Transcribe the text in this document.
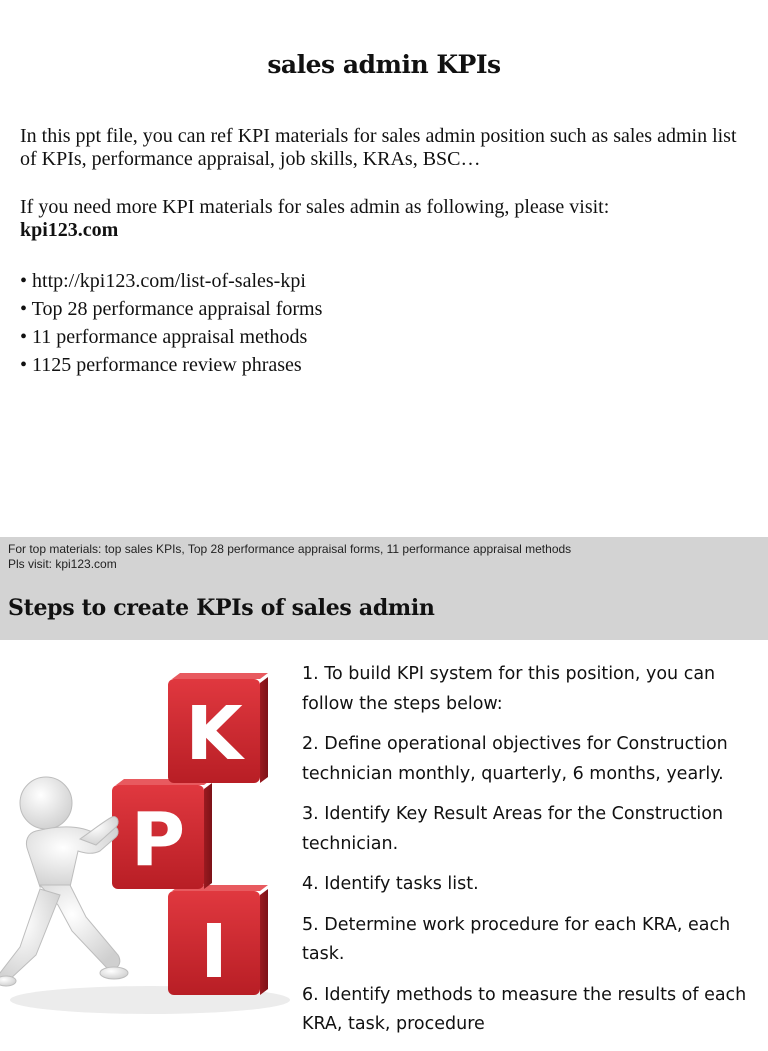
sales admin KPIs
In this ppt file, you can ref KPI materials for sales admin position such as sales admin list of KPIs, performance appraisal, job skills, KRAs, BSC…
If you need more KPI materials for sales admin as following, please visit:
kpi123.com
• http://kpi123.com/list-of-sales-kpi
• Top 28 performance appraisal forms
• 11 performance appraisal methods
• 1125 performance review phrases
For top materials: top sales KPIs, Top 28 performance appraisal forms, 11 performance appraisal methods
Pls visit: kpi123.com
Steps to create KPIs of sales admin
I
P
K

1. To build KPI system for this position, you can follow the steps below:

2. Define operational objectives for Construction technician monthly, quarterly, 6 months, yearly.

3. Identify Key Result Areas for the Construction technician.

4. Identify tasks list.

5. Determine work procedure for each KRA, each task.

6. Identify methods to measure the results of each KRA, task, procedure
